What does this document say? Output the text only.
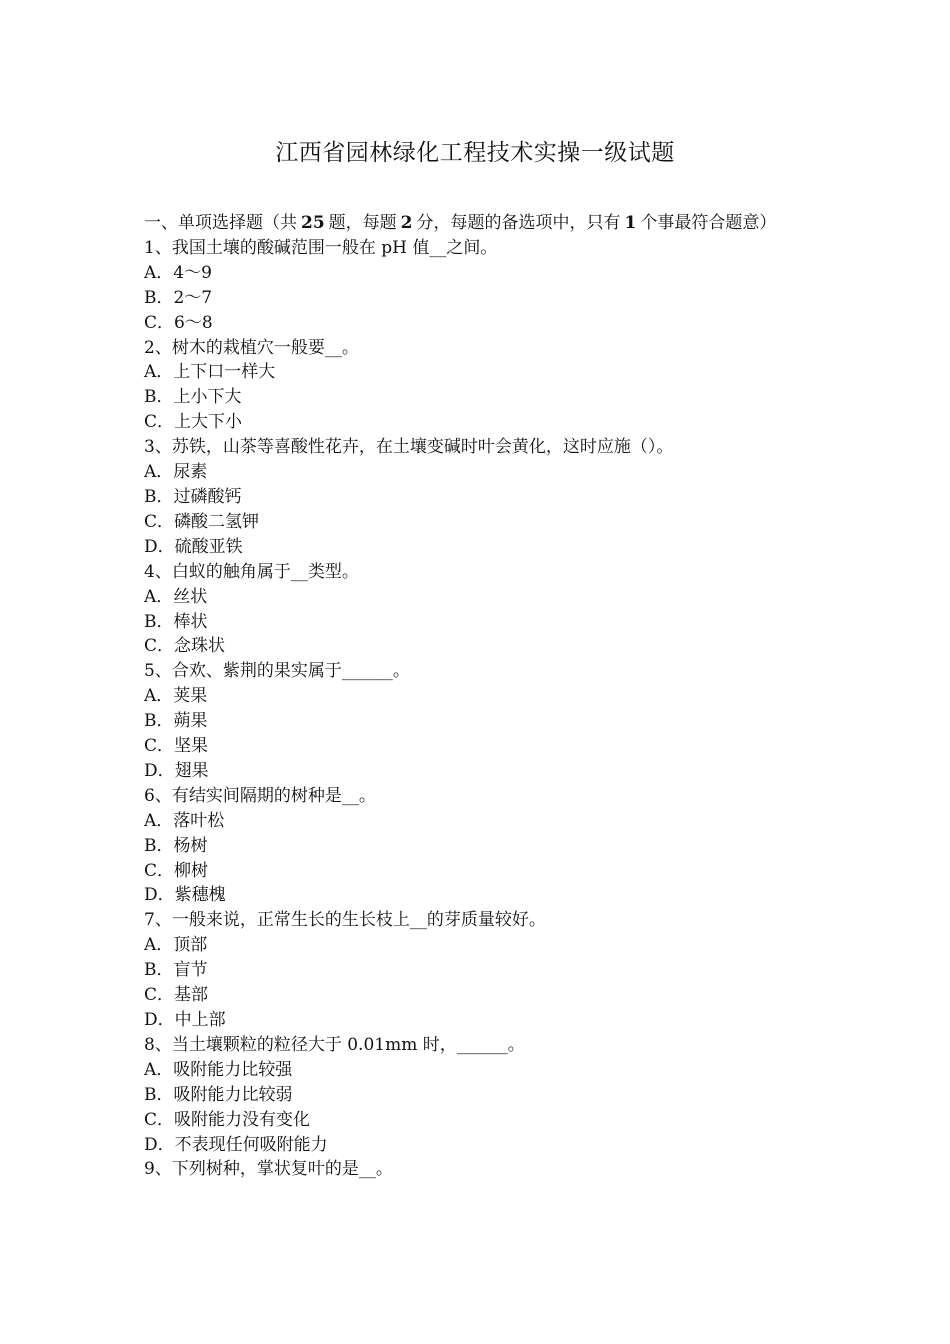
江西省园林绿化工程技术实操一级试题

一、单项选择题（共 25 题，每题 2 分，每题的备选项中，只有 1 个事最符合题意）

1、我国土壤的酸碱范围一般在 pH 值__之间。

A．4～9

B．2～7

C．6～8

2、树木的栽植穴一般要__。

A．上下口一样大

B．上小下大

C．上大下小

3、苏铁，山茶等喜酸性花卉，在土壤变碱时叶会黄化，这时应施（）。

A．尿素

B．过磷酸钙

C．磷酸二氢钾

D．硫酸亚铁

4、白蚁的触角属于__类型。

A．丝状

B．棒状

C．念珠状

5、合欢、紫荆的果实属于______。

A．荚果

B．蒴果

C．坚果

D．翅果

6、有结实间隔期的树种是__。

A．落叶松

B．杨树

C．柳树

D．紫穗槐

7、一般来说，正常生长的生长枝上__的芽质量较好。

A．顶部

B．盲节

C．基部

D．中上部

8、当土壤颗粒的粒径大于 0.01mm 时，______。

A．吸附能力比较强

B．吸附能力比较弱

C．吸附能力没有变化

D．不表现任何吸附能力

9、下列树种，掌状复叶的是__。
